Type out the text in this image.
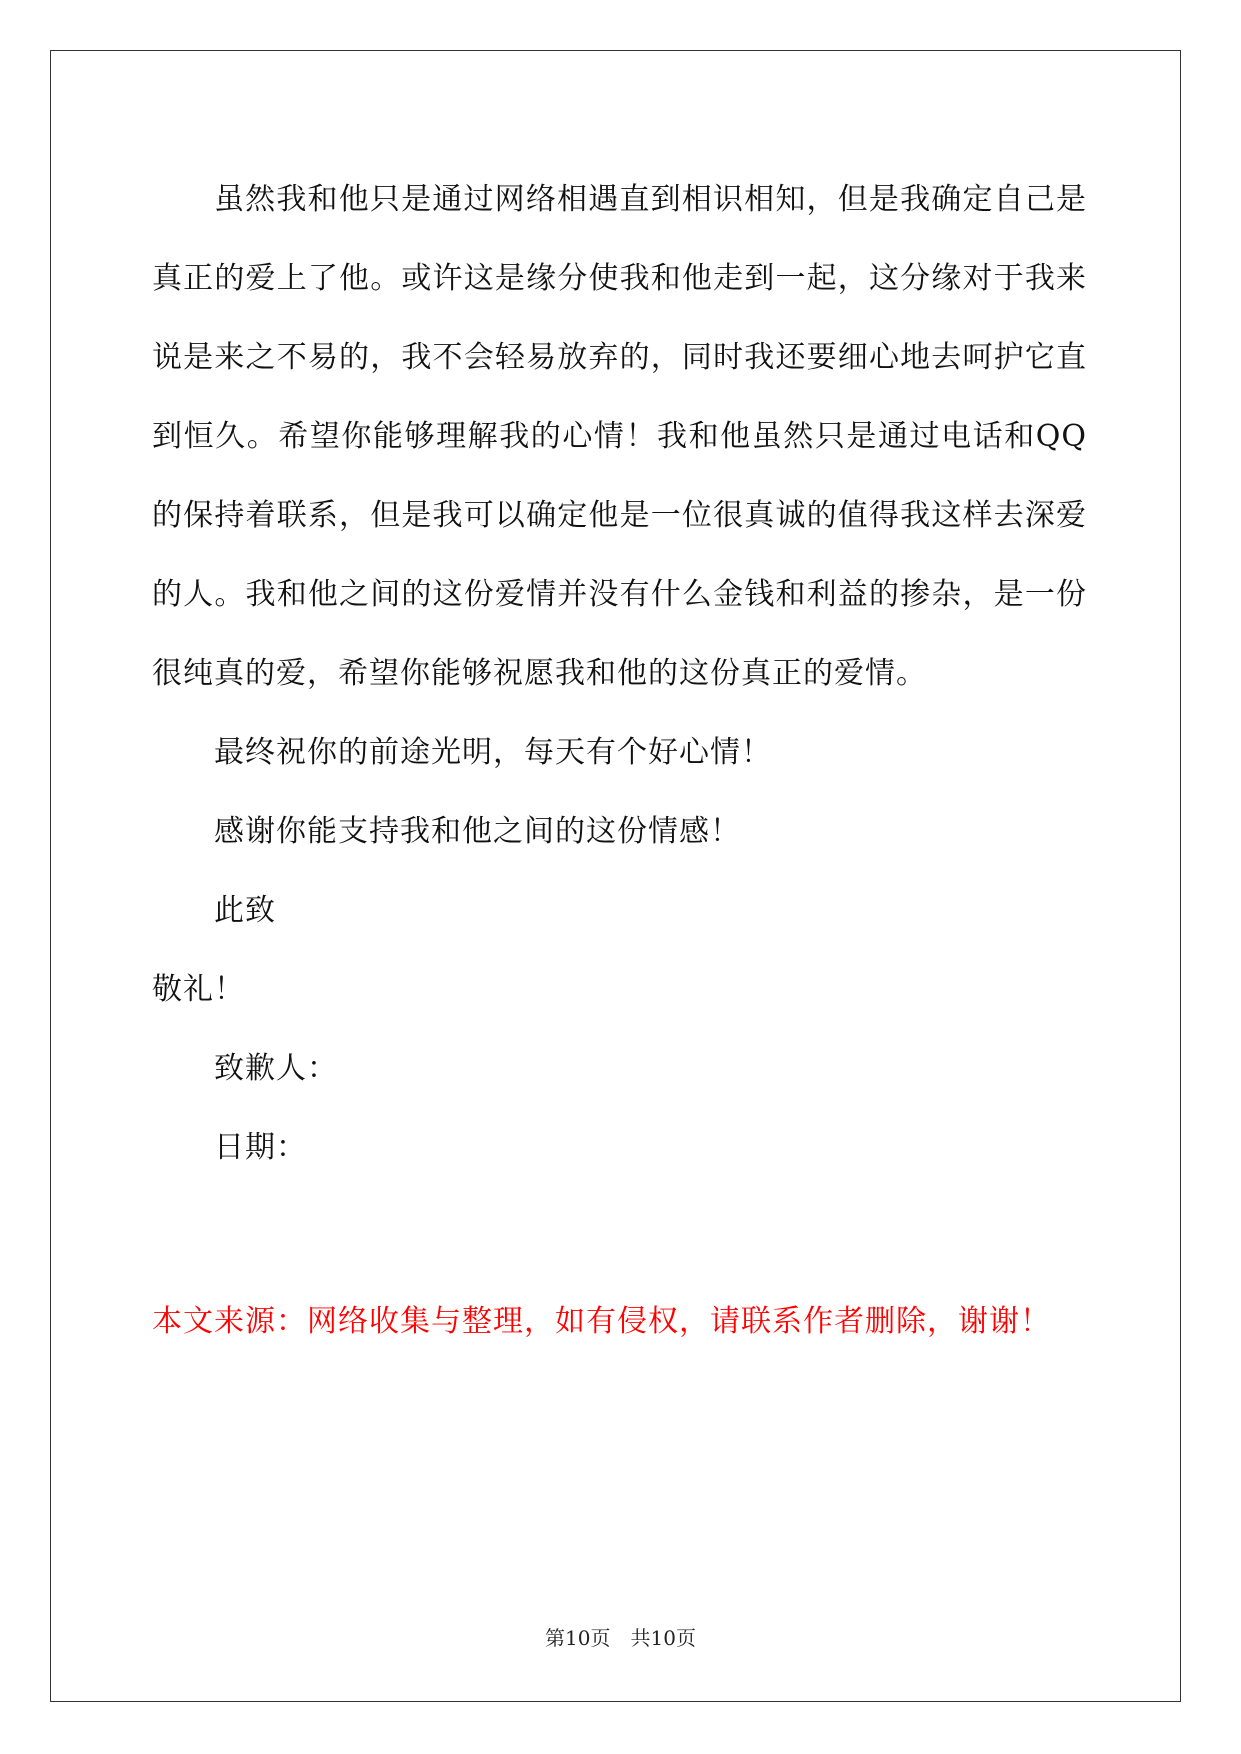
虽然我和他只是通过网络相遇直到相识相知，但是我确定自己是真正的爱上了他。或许这是缘分使我和他走到一起，这分缘对于我来说是来之不易的，我不会轻易放弃的，同时我还要细心地去呵护它直到恒久。希望你能够理解我的心情！我和他虽然只是通过电话和QQ的保持着联系，但是我可以确定他是一位很真诚的值得我这样去深爱的人。我和他之间的这份爱情并没有什么金钱和利益的掺杂，是一份很纯真的爱，希望你能够祝愿我和他的这份真正的爱情。

最终祝你的前途光明，每天有个好心情！

感谢你能支持我和他之间的这份情感！

此致

敬礼！

致歉人：

日期：

本文来源：网络收集与整理，如有侵权，请联系作者删除，谢谢！

第10页 共10页
